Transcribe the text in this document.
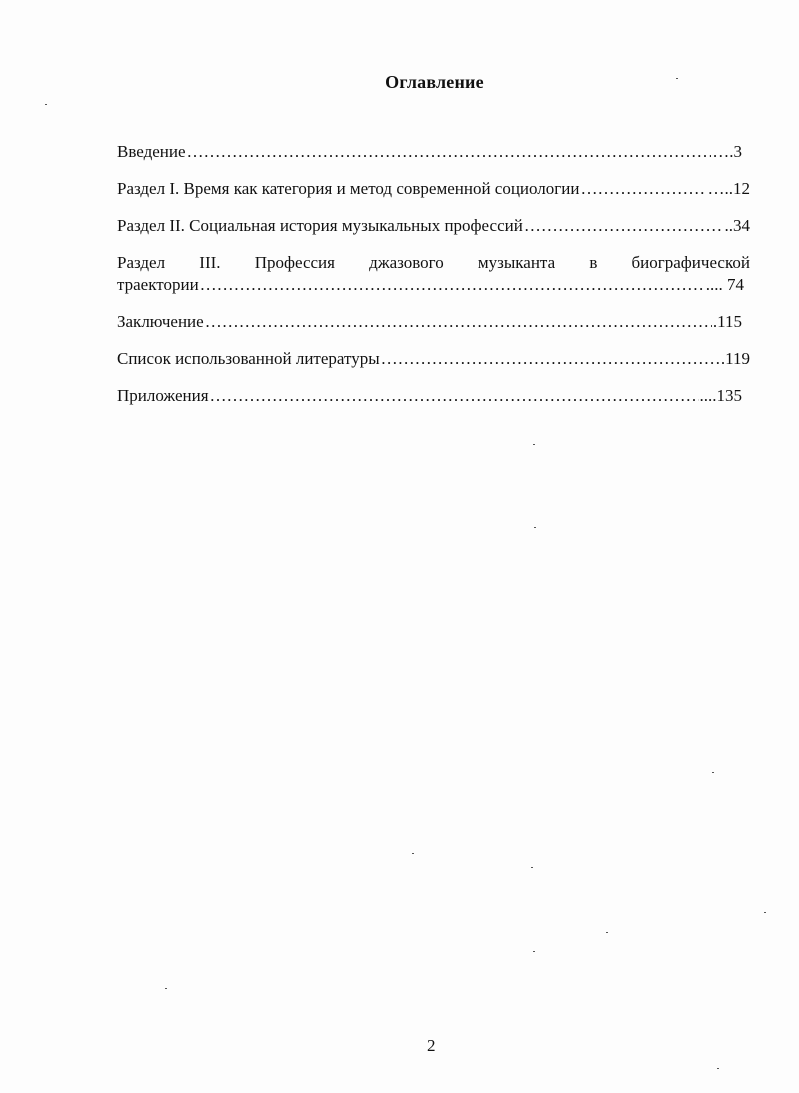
Оглавление
Введение …………………………………………………………………………………………………………………………………………	….3
Раздел I. Время как категория и метод современной социологии …………………………………………………………………………………………………………………………………………	…..12
Раздел II. Социальная история музыкальных профессий …………………………………………………………………………………………………………………………………………	..34
Раздел III. Профессия джазового музыканта в биографической
траектории …………………………………………………………………………………………………………………………………………	.... 74
Заключение …………………………………………………………………………………………………………………………………………	.115
Список использованной литературы …………………………………………………………………………………………………………………………………………	.119
Приложения …………………………………………………………………………………………………………………………………………	....135
2
